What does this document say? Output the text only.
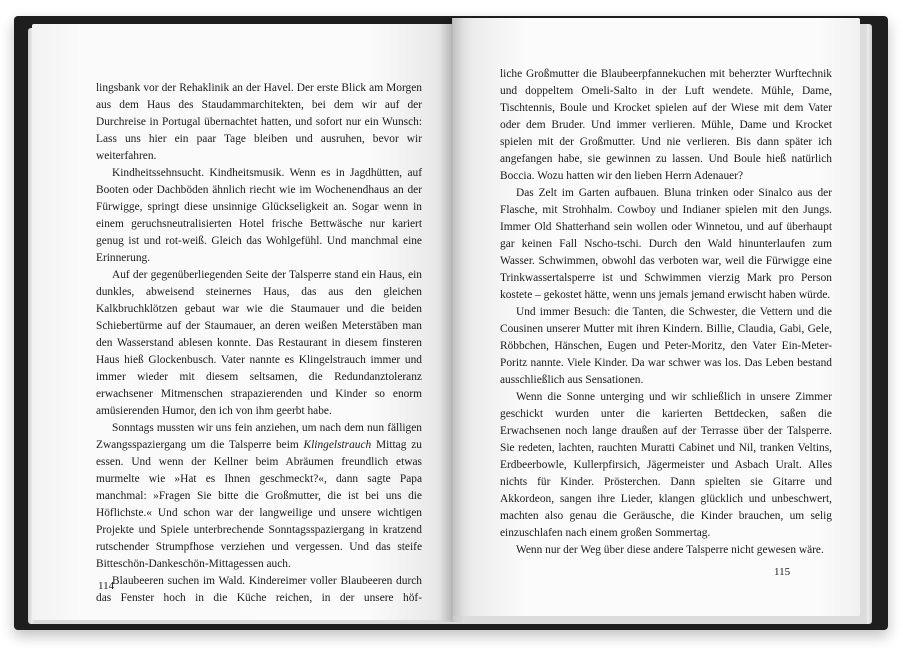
lingsbank vor der Rehaklinik an der Havel. Der erste Blick am Morgen aus dem Haus des Staudammarchitekten, bei dem wir auf der Durchreise in Portugal übernachtet hatten, und sofort nur ein Wunsch: Lass uns hier ein paar Tage bleiben und ausruhen, bevor wir weiterfahren.

Kindheitssehnsucht. Kindheitsmusik. Wenn es in Jagdhütten, auf Booten oder Dachböden ähnlich riecht wie im Wochenendhaus an der Fürwigge, springt diese unsinnige Glückseligkeit an. Sogar wenn in einem geruchsneutralisierten Hotel frische Bettwäsche nur kariert genug ist und rot-weiß. Gleich das Wohlgefühl. Und manchmal eine Erinnerung.

Auf der gegenüberliegenden Seite der Talsperre stand ein Haus, ein dunkles, abweisend steinernes Haus, das aus den gleichen Kalkbruchklötzen gebaut war wie die Staumauer und die beiden Schiebertürme auf der Staumauer, an deren weißen Meterstäben man den Wasserstand ablesen konnte. Das Restaurant in diesem finsteren Haus hieß Glockenbusch. Vater nannte es Klingelstrauch immer und immer wieder mit diesem seltsamen, die Redundanztoleranz erwachsener Mitmenschen strapazierenden und Kinder so enorm amüsierenden Humor, den ich von ihm geerbt habe.

Sonntags mussten wir uns fein anziehen, um nach dem nun fälligen Zwangsspaziergang um die Talsperre beim Klingelstrauch Mittag zu essen. Und wenn der Kellner beim Abräumen freundlich etwas murmelte wie »Hat es Ihnen geschmeckt?«, dann sagte Papa manchmal: »Fragen Sie bitte die Großmutter, die ist bei uns die Höflichste.« Und schon war der langweilige und unsere wichtigen Projekte und Spiele unterbrechende Sonntagsspaziergang in kratzend rutschender Strumpfhose verziehen und vergessen. Und das steife Bitteschön-Dankeschön-Mittagessen auch.

Blaubeeren suchen im Wald. Kindereimer voller Blaubeeren durch das Fenster hoch in die Küche reichen, in der unsere höf-

114

liche Großmutter die Blaubeerpfannekuchen mit beherzter Wurftechnik und doppeltem Omeli-Salto in der Luft wendete. Mühle, Dame, Tischtennis, Boule und Krocket spielen auf der Wiese mit dem Vater oder dem Bruder. Und immer verlieren. Mühle, Dame und Krocket spielen mit der Großmutter. Und nie verlieren. Bis dann später ich angefangen habe, sie gewinnen zu lassen. Und Boule hieß natürlich Boccia. Wozu hatten wir den lieben Herrn Adenauer?

Das Zelt im Garten aufbauen. Bluna trinken oder Sinalco aus der Flasche, mit Strohhalm. Cowboy und Indianer spielen mit den Jungs. Immer Old Shatterhand sein wollen oder Winnetou, und auf überhaupt gar keinen Fall Nscho-tschi. Durch den Wald hinunterlaufen zum Wasser. Schwimmen, obwohl das verboten war, weil die Fürwigge eine Trinkwassertalsperre ist und Schwimmen vierzig Mark pro Person kostete – gekostet hätte, wenn uns jemals jemand erwischt haben würde.

Und immer Besuch: die Tanten, die Schwester, die Vettern und die Cousinen unserer Mutter mit ihren Kindern. Billie, Claudia, Gabi, Gele, Röbbchen, Hänschen, Eugen und Peter-Moritz, den Vater Ein-Meter-Poritz nannte. Viele Kinder. Da war schwer was los. Das Leben bestand ausschließlich aus Sensationen.

Wenn die Sonne unterging und wir schließlich in unsere Zimmer geschickt wurden unter die karierten Bettdecken, saßen die Erwachsenen noch lange draußen auf der Terrasse über der Talsperre. Sie redeten, lachten, rauchten Muratti Cabinet und Nil, tranken Veltins, Erdbeerbowle, Kullerpfirsich, Jägermeister und Asbach Uralt. Alles nichts für Kinder. Prösterchen. Dann spielten sie Gitarre und Akkordeon, sangen ihre Lieder, klangen glücklich und unbeschwert, machten also genau die Geräusche, die Kinder brauchen, um selig einzuschlafen nach einem großen Sommertag.

Wenn nur der Weg über diese andere Talsperre nicht gewesen wäre.

115
